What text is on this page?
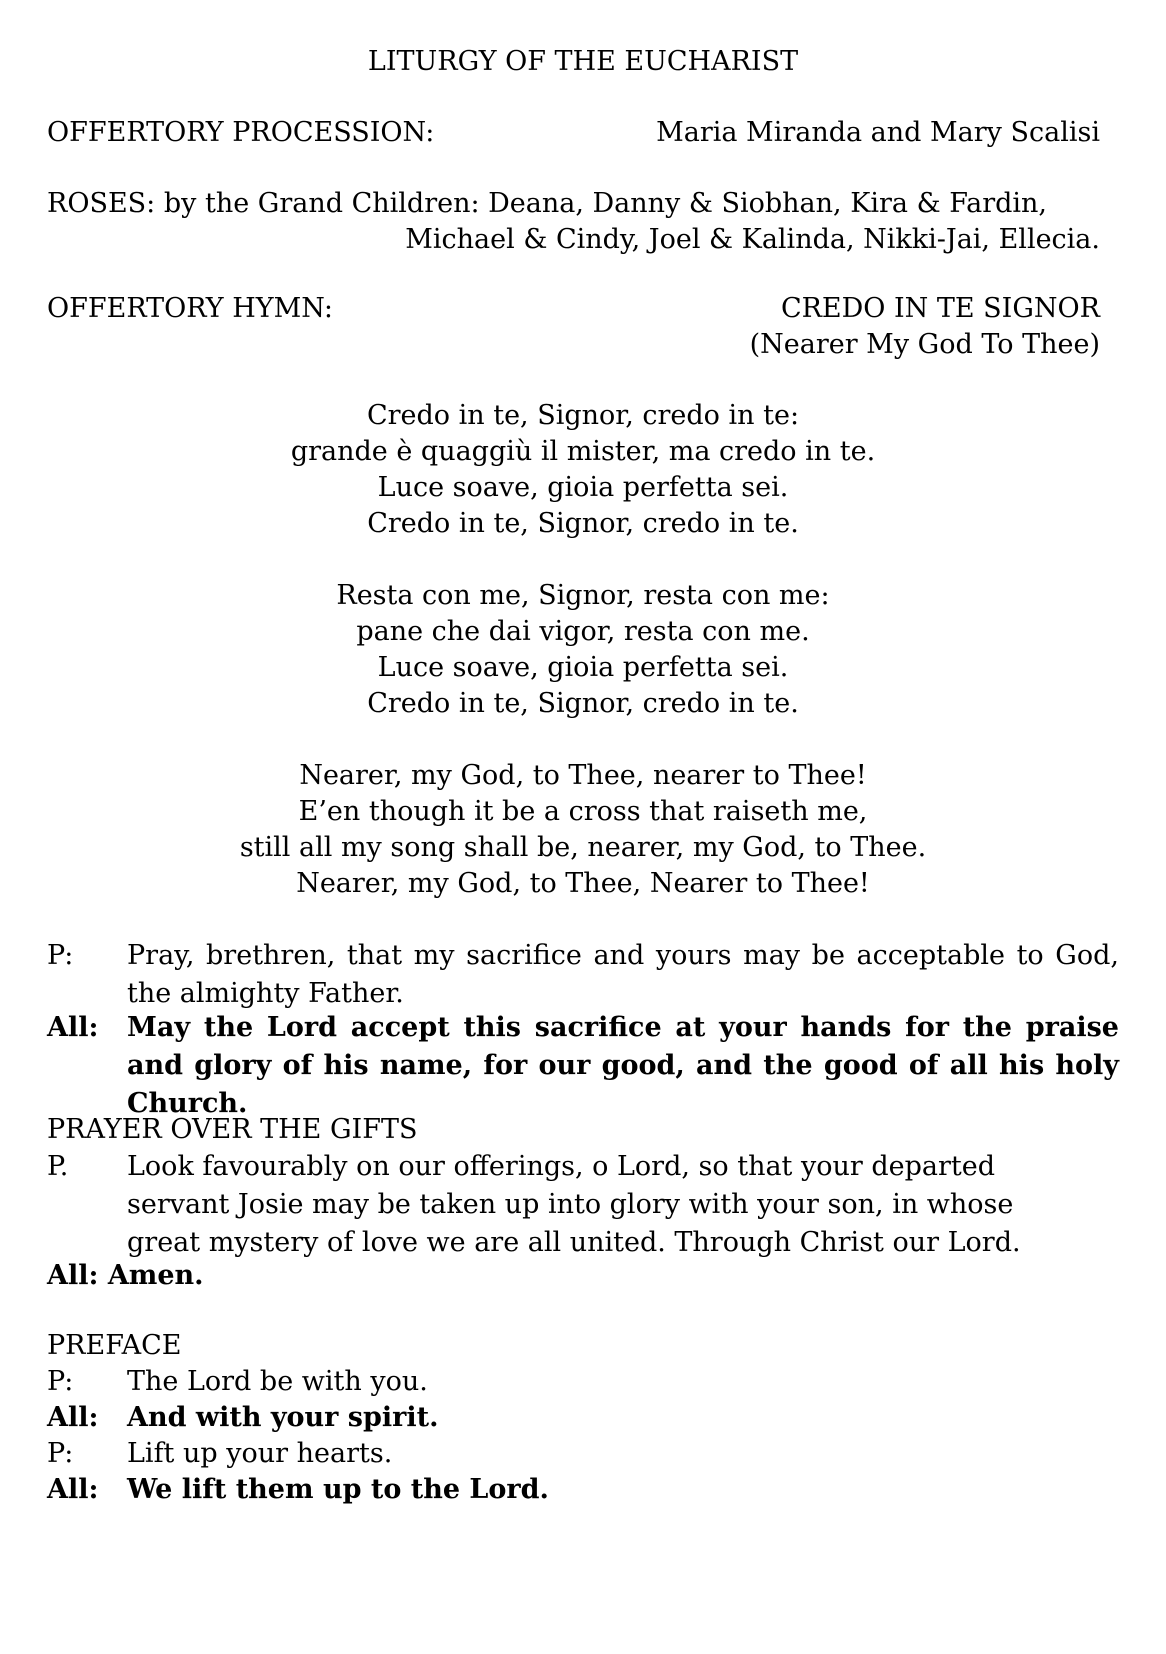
LITURGY OF THE EUCHARIST
OFFERTORY PROCESSION:	Maria Miranda and Mary Scalisi
ROSES: by the Grand Children: Deana, Danny & Siobhan, Kira & Fardin,
Michael & Cindy, Joel & Kalinda, Nikki-Jai, Ellecia.
OFFERTORY HYMN:	CREDO IN TE SIGNOR
(Nearer My God To Thee)
Credo in te, Signor, credo in te:
grande è quaggiù il mister, ma credo in te.
Luce soave, gioia perfetta sei.
Credo in te, Signor, credo in te.
Resta con me, Signor, resta con me:
pane che dai vigor, resta con me.
Luce soave, gioia perfetta sei.
Credo in te, Signor, credo in te.
Nearer, my God, to Thee, nearer to Thee!
E’en though it be a cross that raiseth me,
still all my song shall be, nearer, my God, to Thee.
Nearer, my God, to Thee, Nearer to Thee!
P: Pray, brethren, that my sacrifice and yours may be acceptable to God, the almighty Father.
All: May the Lord accept this sacrifice at your hands for the praise and glory of his name, for our good, and the good of all his holy Church.
PRAYER OVER THE GIFTS
P. Look favourably on our offerings, o Lord, so that your departed servant Josie may be taken up into glory with your son, in whose great mystery of love we are all united. Through Christ our Lord.
All: Amen.
PREFACE
P: The Lord be with you.
All: And with your spirit.
P: Lift up your hearts.
All: We lift them up to the Lord.
